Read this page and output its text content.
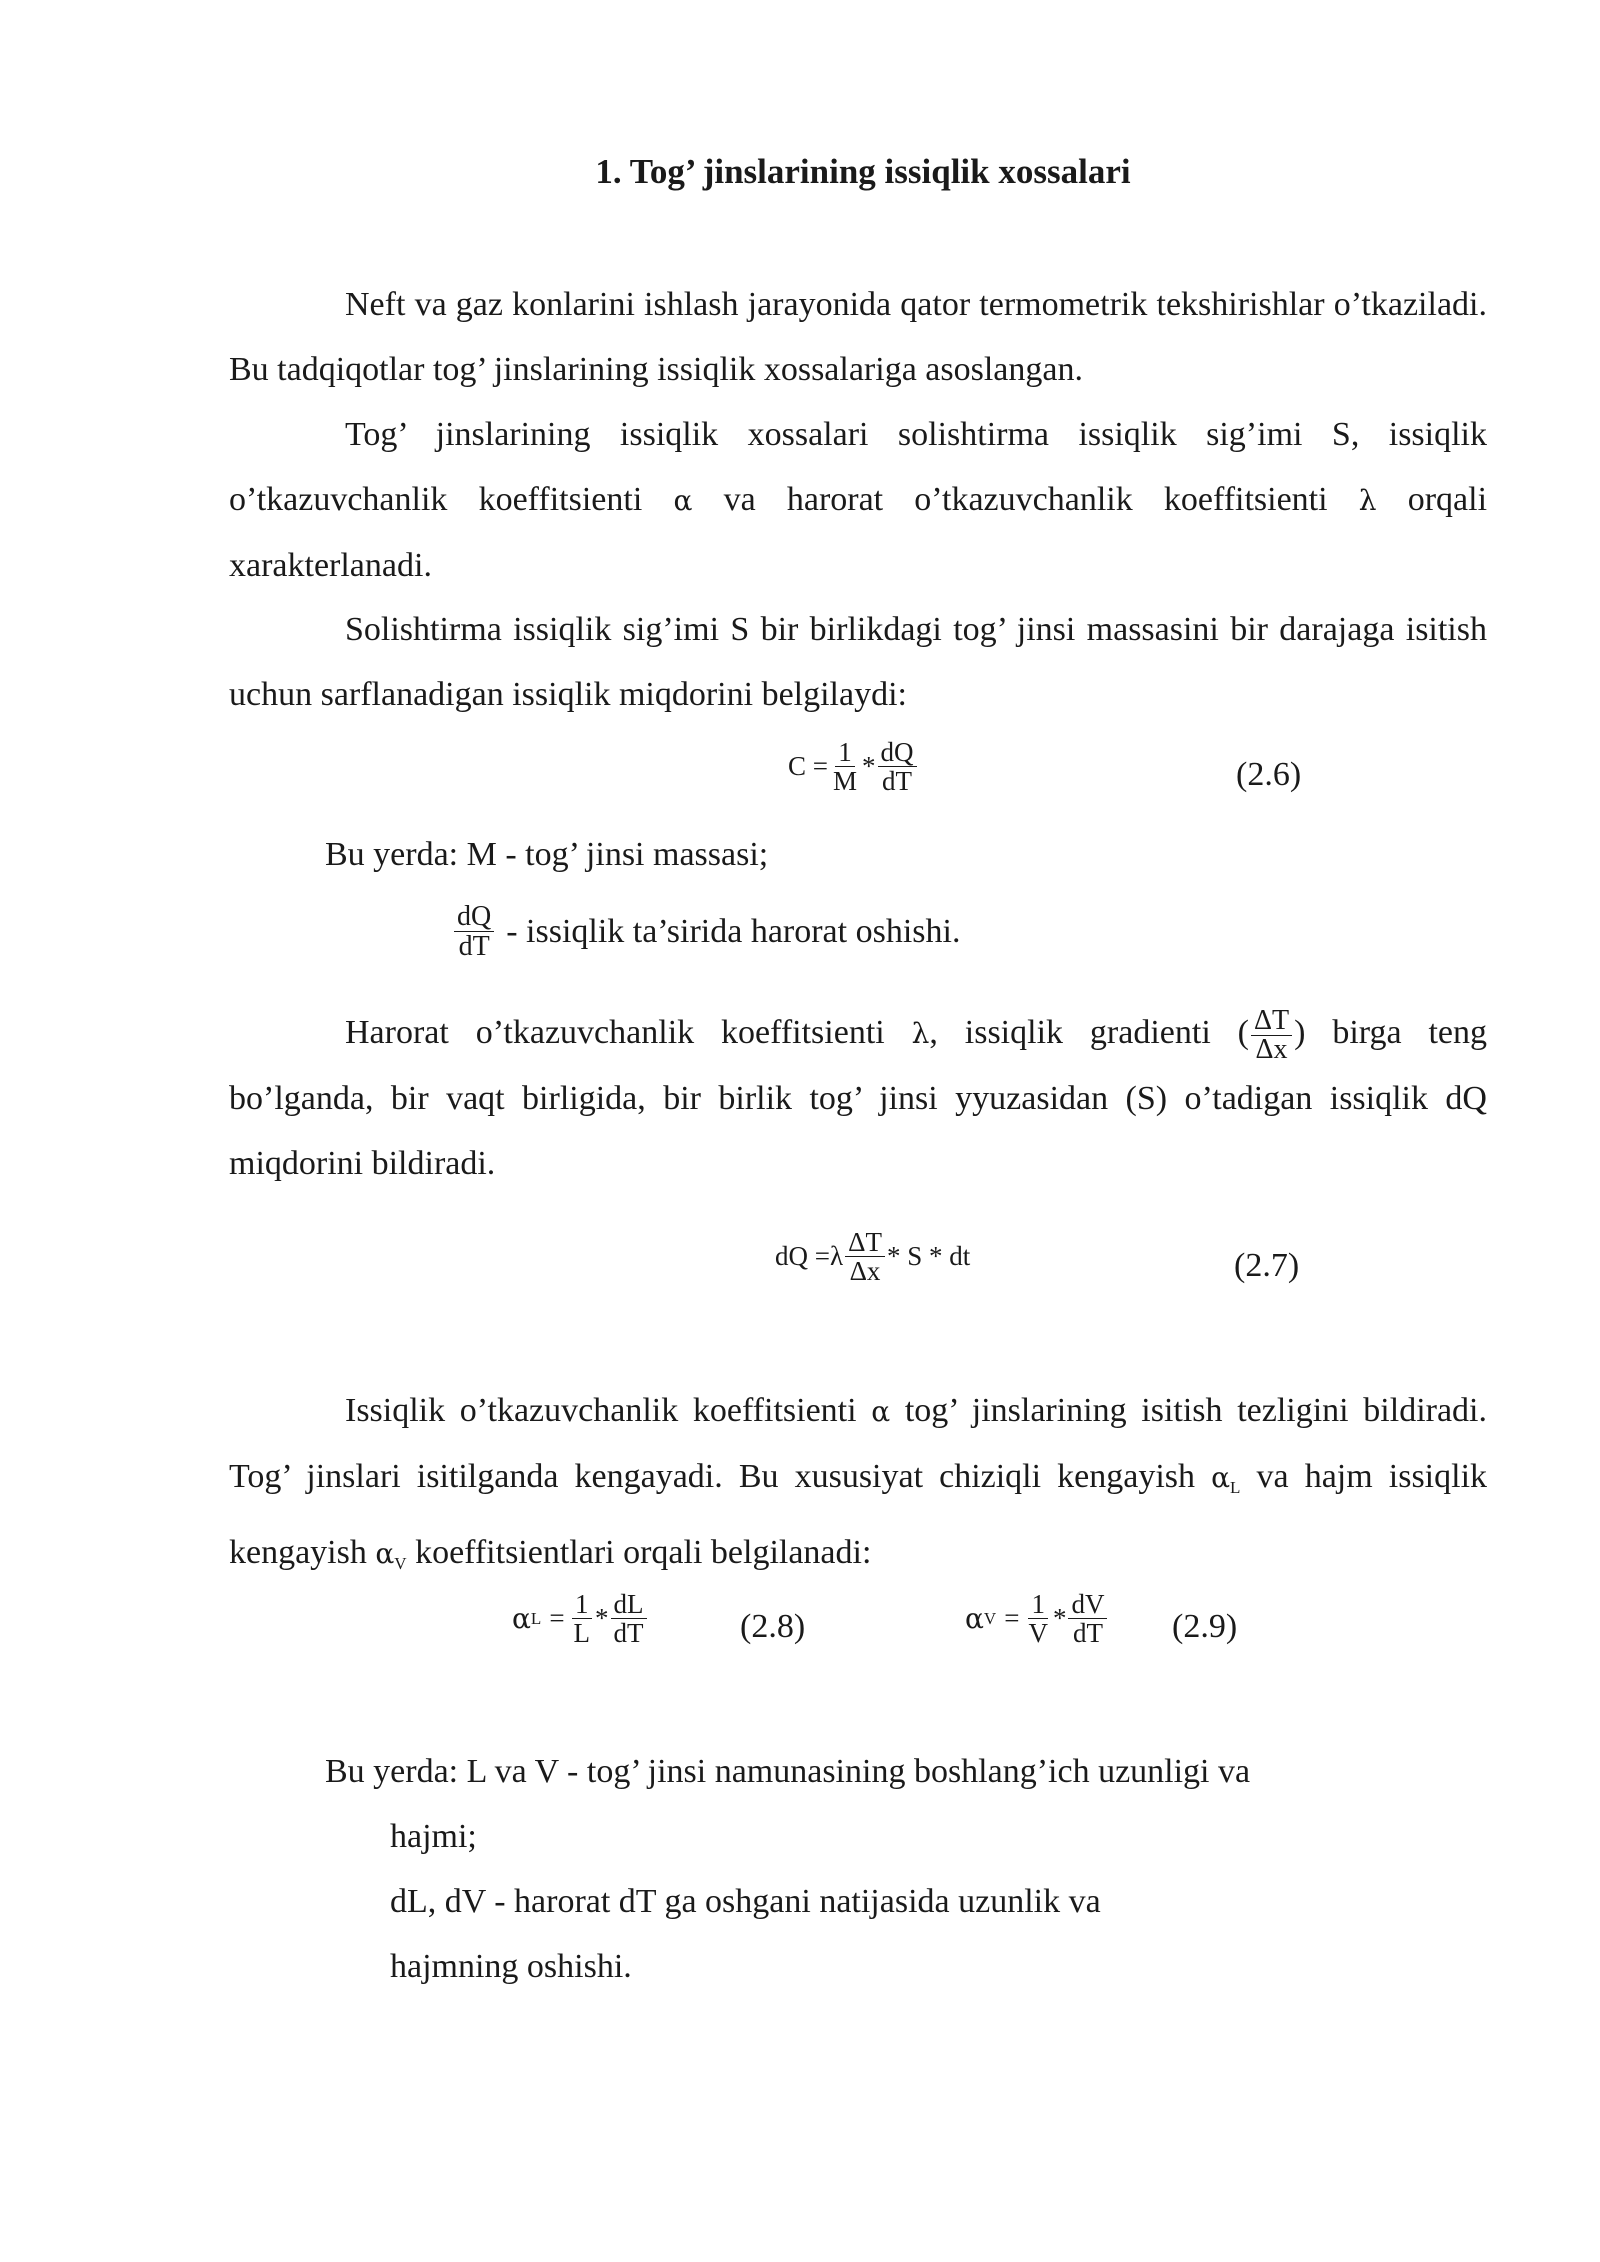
1. Tog’ jinslarining issiqlik xossalari

Neft va gaz konlarini ishlash jarayonida qator termometrik tekshirishlar o’tkaziladi. Bu tadqiqotlar tog’ jinslarining issiqlik xossalariga asoslangan.

Tog’ jinslarining issiqlik xossalari solishtirma issiqlik sig’imi S, issiqlik o’tkazuvchanlik koeffitsienti α va harorat o’tkazuvchanlik koeffitsienti λ orqali xarakterlanadi.

Solishtirma issiqlik sig’imi S bir birlikdagi tog’ jinsi massasini bir darajaga isitish uchun sarflanadigan issiqlik miqdorini belgilaydi:

$C = \frac{1}{M} * \frac{dQ}{dT}$	(2.6)
Bu yerda: M - tog’ jinsi massasi;
$\frac{dQ}{dT}$ - issiqlik ta’sirida harorat oshishi.

Harorat o’tkazuvchanlik koeffitsienti λ, issiqlik gradienti ( $\frac{\Delta T}{\Delta x}$ ) birga teng bo’lganda, bir vaqt birligida, bir birlik tog’ jinsi yyuzasidan (S) o’tadigan issiqlik dQ miqdorini bildiradi.

dQ $=\lambda \frac{\Delta T}{\Delta x} * S$ * dt	(2.7)

Issiqlik o’tkazuvchanlik koeffitsienti α tog’ jinslarining isitish tezligini bildiradi. Tog’ jinslari isitilganda kengayadi. Bu xususiyat chiziqli kengayish $\alpha_L$ va hajm issiqlik kengayish $\alpha_V$ koeffitsientlari orqali belgilanadi:

α $L = \frac{1}{L} * \frac{dL}{dT}$	(2.8)	α $V = \frac{1}{V} * \frac{dV}{dT} (2.9)$
Bu yerda: L va V - tog’ jinsi namunasining boshlang’ich uzunligi va
hajmi;
dL, dV - harorat dT ga oshgani natijasida uzunlik va
hajmning oshishi.
